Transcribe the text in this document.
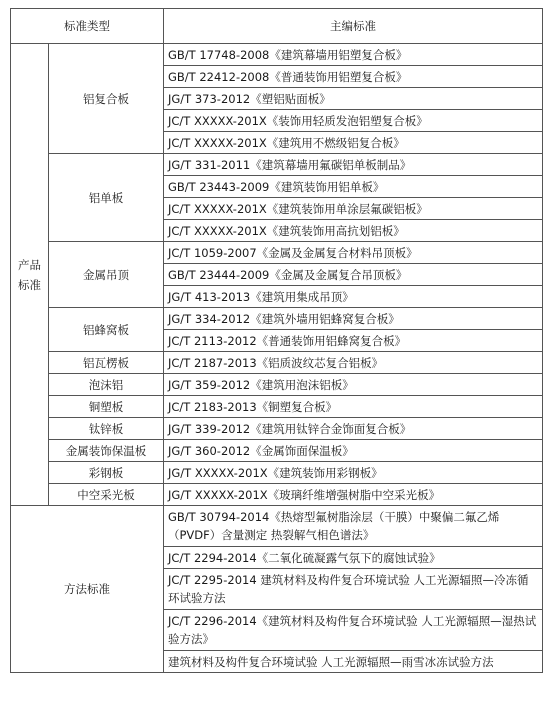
标准类型		主编标准
产品标准	铝复合板	GB/T 17748-2008《建筑幕墙用铝塑复合板》
		GB/T 22412-2008《普通装饰用铝塑复合板》
		JG/T 373-2012《塑铝贴面板》
		JC/T XXXXX-201X《装饰用轻质发泡铝塑复合板》
		JC/T XXXXX-201X《建筑用不燃级铝复合板》
	铝单板	JG/T 331-2011《建筑幕墙用氟碳铝单板制品》
		GB/T 23443-2009《建筑装饰用铝单板》
		JC/T XXXXX-201X《建筑装饰用单涂层氟碳铝板》
		JC/T XXXXX-201X《建筑装饰用高抗划铝板》
	金属吊顶	JC/T 1059-2007《金属及金属复合材料吊顶板》
		GB/T 23444-2009《金属及金属复合吊顶板》
		JG/T 413-2013《建筑用集成吊顶》
	铝蜂窝板	JG/T 334-2012《建筑外墙用铝蜂窝复合板》
		JC/T 2113-2012《普通装饰用铝蜂窝复合板》
	铝瓦楞板	JC/T 2187-2013《铝质波纹芯复合铝板》
	泡沫铝	JG/T 359-2012《建筑用泡沫铝板》
	铜塑板	JC/T 2183-2013《铜塑复合板》
	钛锌板	JG/T 339-2012《建筑用钛锌合金饰面复合板》
	金属装饰保温板	JG/T 360-2012《金属饰面保温板》
	彩钢板	JG/T XXXXX-201X《建筑装饰用彩钢板》
	中空采光板	JG/T XXXXX-201X《玻璃纤维增强树脂中空采光板》
方法标准		GB/T 30794-2014《热熔型氟树脂涂层（干膜）中聚偏二氟乙烯（PVDF）含量测定 热裂解气相色谱法》
		JC/T 2294-2014《二氧化硫凝露气氛下的腐蚀试验》
		JC/T 2295-2014 建筑材料及构件复合环境试验 人工光源辐照—冷冻循环试验方法
		JC/T 2296-2014《建筑材料及构件复合环境试验 人工光源辐照—湿热试验方法》
		建筑材料及构件复合环境试验 人工光源辐照—雨雪冰冻试验方法
